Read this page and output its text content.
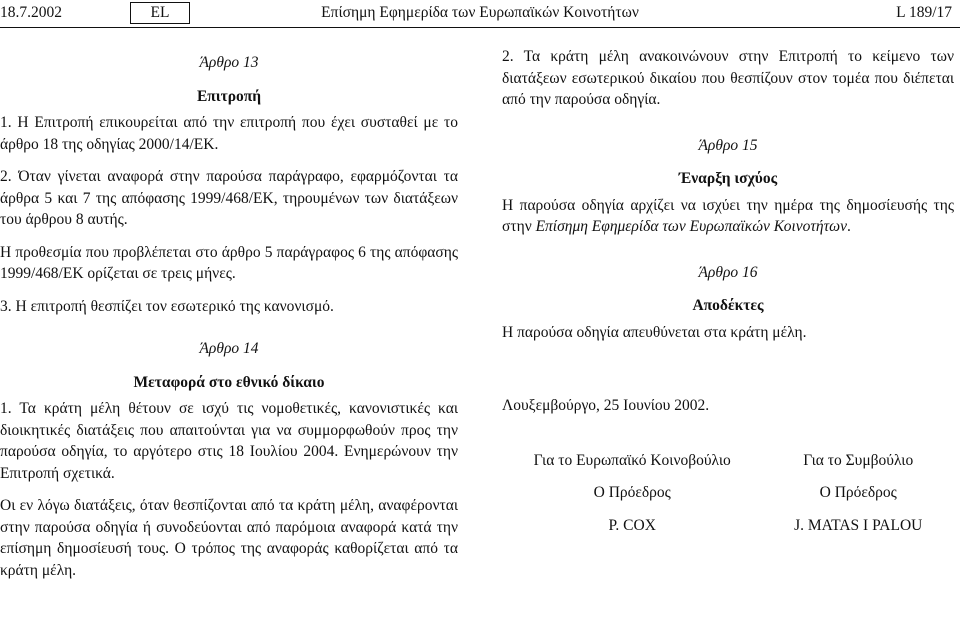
18.7.2002	EL	Επίσημη Εφημερίδα των Ευρωπαϊκών Κοινοτήτων	L 189/17
Άρθρο 13
Επιτροπή

1. Η Επιτροπή επικουρείται από την επιτροπή που έχει συσταθεί με το άρθρο 18 της οδηγίας 2000/14/ΕΚ.

2. Όταν γίνεται αναφορά στην παρούσα παράγραφο, εφαρμόζονται τα άρθρα 5 και 7 της απόφασης 1999/468/ΕΚ, τηρουμένων των διατάξεων του άρθρου 8 αυτής.

Η προθεσμία που προβλέπεται στο άρθρο 5 παράγραφος 6 της απόφασης 1999/468/ΕΚ ορίζεται σε τρεις μήνες.

3. Η επιτροπή θεσπίζει τον εσωτερικό της κανονισμό.

Άρθρο 14
Μεταφορά στο εθνικό δίκαιο

1. Τα κράτη μέλη θέτουν σε ισχύ τις νομοθετικές, κανονιστικές και διοικητικές διατάξεις που απαιτούνται για να συμμορφωθούν προς την παρούσα οδηγία, το αργότερο στις 18 Ιουλίου 2004. Ενημερώνουν την Επιτροπή σχετικά.

Οι εν λόγω διατάξεις, όταν θεσπίζονται από τα κράτη μέλη, αναφέρονται στην παρούσα οδηγία ή συνοδεύονται από παρόμοια αναφορά κατά την επίσημη δημοσίευσή τους. Ο τρόπος της αναφοράς καθορίζεται από τα κράτη μέλη.

2. Τα κράτη μέλη ανακοινώνουν στην Επιτροπή το κείμενο των διατάξεων εσωτερικού δικαίου που θεσπίζουν στον τομέα που διέπεται από την παρούσα οδηγία.

Άρθρο 15
Έναρξη ισχύος

Η παρούσα οδηγία αρχίζει να ισχύει την ημέρα της δημοσίευσής της στην Επίσημη Εφημερίδα των Ευρωπαϊκών Κοινοτήτων.

Άρθρο 16
Αποδέκτες

Η παρούσα οδηγία απευθύνεται στα κράτη μέλη.

Λουξεμβούργο, 25 Ιουνίου 2002.

Για το Ευρωπαϊκό Κοινοβούλιο
Ο Πρόεδρος
P. COX
Για το Συμβούλιο
Ο Πρόεδρος
J. MATAS I PALOU
